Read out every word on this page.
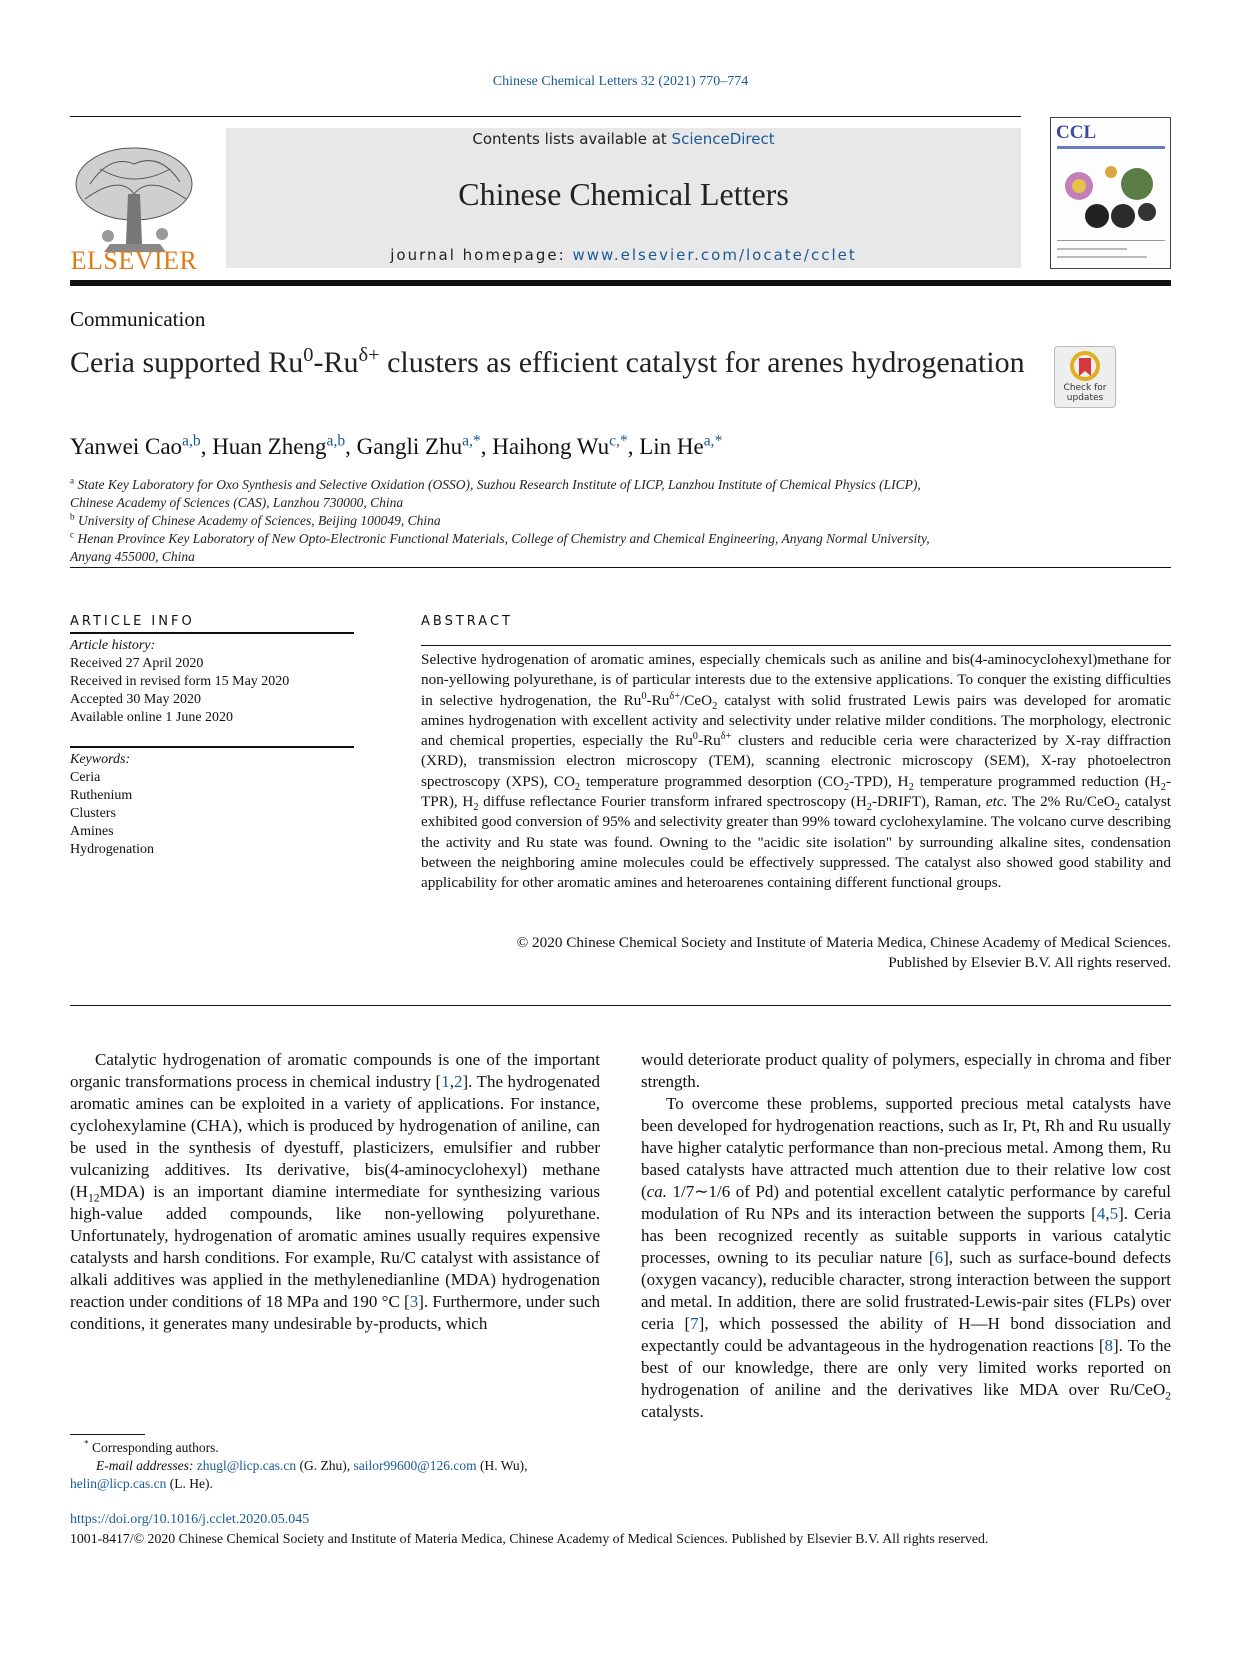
Chinese Chemical Letters 32 (2021) 770–774
ELSEVIER
Contents lists available at ScienceDirect
Chinese Chemical Letters
journal homepage: www.elsevier.com/locate/cclet
CCL
Communication
Ceria supported $Ru^0-Ru^{\delta+}$ clusters as efficient catalyst for arenes hydrogenation
Check for updates
Yanwei Cao$^{a,b}$, Huan Zheng$^{a,b}$, Gangli Zhu$^{a,*}$, Haihong $Wu^{c,*}$, Lin $He^{a,*}$
$^a$ State Key Laboratory for Oxo Synthesis and Selective Oxidation (OSSO), Suzhou Research Institute of LICP, Lanzhou Institute of Chemical Physics (LICP),
Chinese Academy of Sciences (CAS), Lanzhou 730000, China
$^b$ University of Chinese Academy of Sciences, Beijing 100049, China
$^c$ Henan Province Key Laboratory of New Opto-Electronic Functional Materials, College of Chemistry and Chemical Engineering, Anyang Normal University,
Anyang 455000, China
ARTICLE INFO
Article history:
Received 27 April 2020
Received in revised form 15 May 2020
Accepted 30 May 2020
Available online 1 June 2020
Keywords:
Ceria
Ruthenium
Clusters
Amines
Hydrogenation
ABSTRACT
Selective hydrogenation of aromatic amines, especially chemicals such as aniline and bis(4-aminocyclohexyl)methane for non-yellowing polyurethane, is of particular interests due to the extensive applications. To conquer the existing difficulties in selective hydrogenation, the $Ru^0-Ru^{\delta+}/CeO_2$ catalyst with solid frustrated Lewis pairs was developed for aromatic amines hydrogenation with excellent activity and selectivity under relative milder conditions. The morphology, electronic and chemical properties, especially the $Ru^0-Ru^{\delta+}$ clusters and reducible ceria were characterized by X-ray diffraction (XRD), transmission electron microscopy (TEM), scanning electronic microscopy (SEM), X-ray photoelectron spectroscopy (XPS), $CO_2$ temperature programmed desorption $(CO_2-TPD)$, $H_2$ temperature programmed reduction $(H_2-TPR)$, $H_2$ diffuse reflectance Fourier transform infrared spectroscopy $(H_2-DRIFT)$, Raman, etc. The 2% Ru/CeO$_2$ catalyst exhibited good conversion of 95% and selectivity greater than 99% toward cyclohexylamine. The volcano curve describing the activity and Ru state was found. Owning to the "acidic site isolation" by surrounding alkaline sites, condensation between the neighboring amine molecules could be effectively suppressed. The catalyst also showed good stability and applicability for other aromatic amines and heteroarenes containing different functional groups.
© 2020 Chinese Chemical Society and Institute of Materia Medica, Chinese Academy of Medical Sciences.
Published by Elsevier B.V. All rights reserved.

Catalytic hydrogenation of aromatic compounds is one of the important organic transformations process in chemical industry [1,2]. The hydrogenated aromatic amines can be exploited in a variety of applications. For instance, cyclohexylamine (CHA), which is produced by hydrogenation of aniline, can be used in the synthesis of dyestuff, plasticizers, emulsifier and rubber vulcanizing additives. Its derivative, bis(4-aminocyclohexyl) methane $(H_{12}MDA)$ is an important diamine intermediate for synthesizing various high-value added compounds, like non-yellowing polyurethane. Unfortunately, hydrogenation of aromatic amines usually requires expensive catalysts and harsh conditions. For example, Ru/C catalyst with assistance of alkali additives was applied in the methylenedianline (MDA) hydrogenation reaction under conditions of 18 MPa and 190 °C [3]. Furthermore, under such conditions, it generates many undesirable by-products, which

would deteriorate product quality of polymers, especially in chroma and fiber strength.

To overcome these problems, supported precious metal catalysts have been developed for hydrogenation reactions, such as Ir, Pt, Rh and Ru usually have higher catalytic performance than non-precious metal. Among them, Ru based catalysts have attracted much attention due to their relative low cost (ca. 1/7∼1/6 of Pd) and potential excellent catalytic performance by careful modulation of Ru NPs and its interaction between the supports [4,5]. Ceria has been recognized recently as suitable supports in various catalytic processes, owning to its peculiar nature [6], such as surface-bound defects (oxygen vacancy), reducible character, strong interaction between the support and metal. In addition, there are solid frustrated-Lewis-pair sites (FLPs) over ceria [7], which possessed the ability of H—H bond dissociation and expectantly could be advantageous in the hydrogenation reactions [8]. To the best of our knowledge, there are only very limited works reported on hydrogenation of aniline and the derivatives like MDA over Ru/CeO$_2$ catalysts.

* Corresponding authors.
E-mail addresses: zhugl@licp.cas.cn (G. Zhu), sailor99600@126.com (H. Wu),
helin@licp.cas.cn (L. He).
https://doi.org/10.1016/j.cclet.2020.05.045
1001-8417/© 2020 Chinese Chemical Society and Institute of Materia Medica, Chinese Academy of Medical Sciences. Published by Elsevier B.V. All rights reserved.
